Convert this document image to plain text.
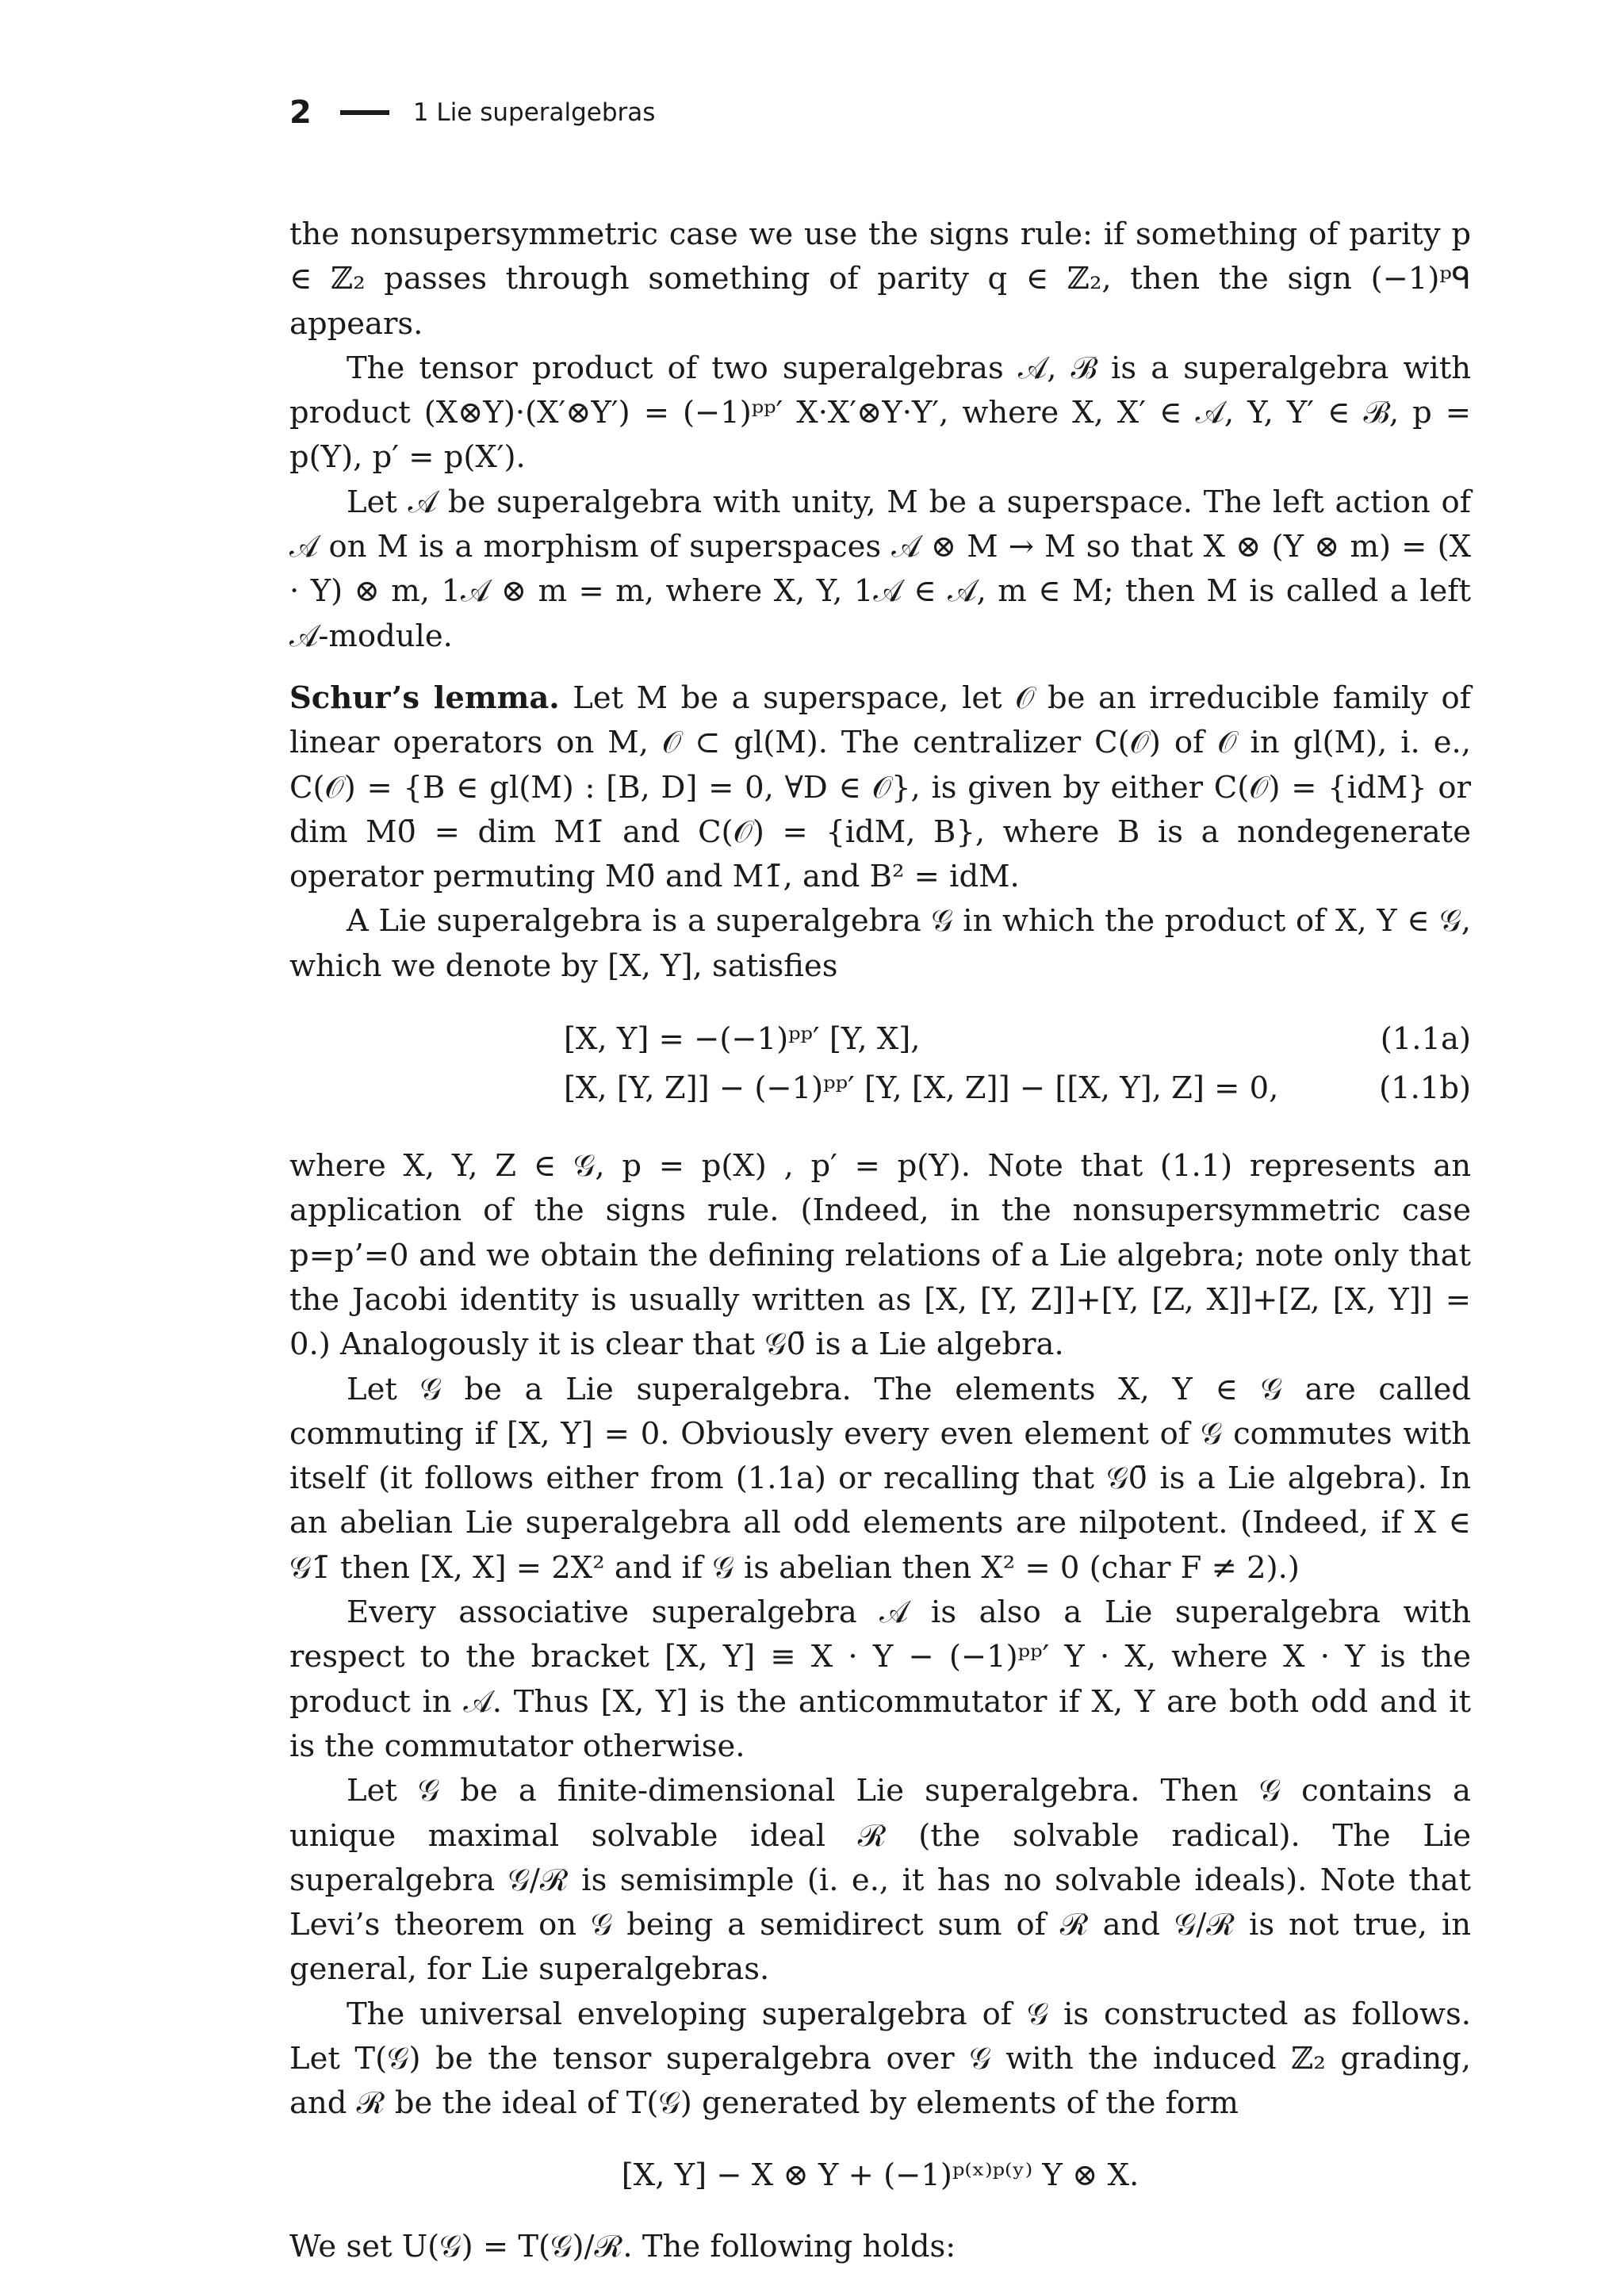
2	1 Lie superalgebras

the nonsupersymmetric case we use the signs rule: if something of parity p ∈ ℤ₂ passes through something of parity q ∈ ℤ₂, then the sign (−1)ᵖᑫ appears.

The tensor product of two superalgebras 𝒜, ℬ is a superalgebra with product (X⊗Y)·(X′⊗Y′) = (−1)ᵖᵖ′ X·X′⊗Y·Y′, where X, X′ ∈ 𝒜, Y, Y′ ∈ ℬ, p = p(Y), p′ = p(X′).

Let 𝒜 be superalgebra with unity, M be a superspace. The left action of 𝒜 on M is a morphism of superspaces 𝒜 ⊗ M → M so that X ⊗ (Y ⊗ m) = (X · Y) ⊗ m, 1𝒜 ⊗ m = m, where X, Y, 1𝒜 ∈ 𝒜, m ∈ M; then M is called a left 𝒜-module.

Schur’s lemma. Let M be a superspace, let 𝒪 be an irreducible family of linear operators on M, 𝒪 ⊂ gl(M). The centralizer C(𝒪) of 𝒪 in gl(M), i. e., C(𝒪) = {B ∈ gl(M) : [B, D] = 0, ∀D ∈ 𝒪}, is given by either C(𝒪) = {idM} or dim M0̄ = dim M1̄ and C(𝒪) = {idM, B}, where B is a nondegenerate operator permuting M0̄ and M1̄, and B² = idM.

A Lie superalgebra is a superalgebra 𝒢 in which the product of X, Y ∈ 𝒢, which we denote by [X, Y], satisfies

[X, Y] = −(−1)ᵖᵖ′ [Y, X],	(1.1a)
[X, [Y, Z]] − (−1)ᵖᵖ′ [Y, [X, Z]] − [[X, Y], Z] = 0,	(1.1b)

where X, Y, Z ∈ 𝒢, p = p(X) , p′ = p(Y). Note that (1.1) represents an application of the signs rule. (Indeed, in the nonsupersymmetric case p=p’=0 and we obtain the defining relations of a Lie algebra; note only that the Jacobi identity is usually written as [X, [Y, Z]]+[Y, [Z, X]]+[Z, [X, Y]] = 0.) Analogously it is clear that 𝒢0̄ is a Lie algebra.

Let 𝒢 be a Lie superalgebra. The elements X, Y ∈ 𝒢 are called commuting if [X, Y] = 0. Obviously every even element of 𝒢 commutes with itself (it follows either from (1.1a) or recalling that 𝒢0̄ is a Lie algebra). In an abelian Lie superalgebra all odd elements are nilpotent. (Indeed, if X ∈ 𝒢1̄ then [X, X] = 2X² and if 𝒢 is abelian then X² = 0 (char F ≠ 2).)

Every associative superalgebra 𝒜 is also a Lie superalgebra with respect to the bracket [X, Y] ≡ X · Y − (−1)ᵖᵖ′ Y · X, where X · Y is the product in 𝒜. Thus [X, Y] is the anticommutator if X, Y are both odd and it is the commutator otherwise.

Let 𝒢 be a finite-dimensional Lie superalgebra. Then 𝒢 contains a unique maximal solvable ideal ℛ (the solvable radical). The Lie superalgebra 𝒢/ℛ is semisimple (i. e., it has no solvable ideals). Note that Levi’s theorem on 𝒢 being a semidirect sum of ℛ and 𝒢/ℛ is not true, in general, for Lie superalgebras.

The universal enveloping superalgebra of 𝒢 is constructed as follows. Let T(𝒢) be the tensor superalgebra over 𝒢 with the induced ℤ₂ grading, and ℛ be the ideal of T(𝒢) generated by elements of the form

[X, Y] − X ⊗ Y + (−1)ᵖ⁽ˣ⁾ᵖ⁽ʸ⁾ Y ⊗ X.

We set U(𝒢) = T(𝒢)/ℛ. The following holds:
